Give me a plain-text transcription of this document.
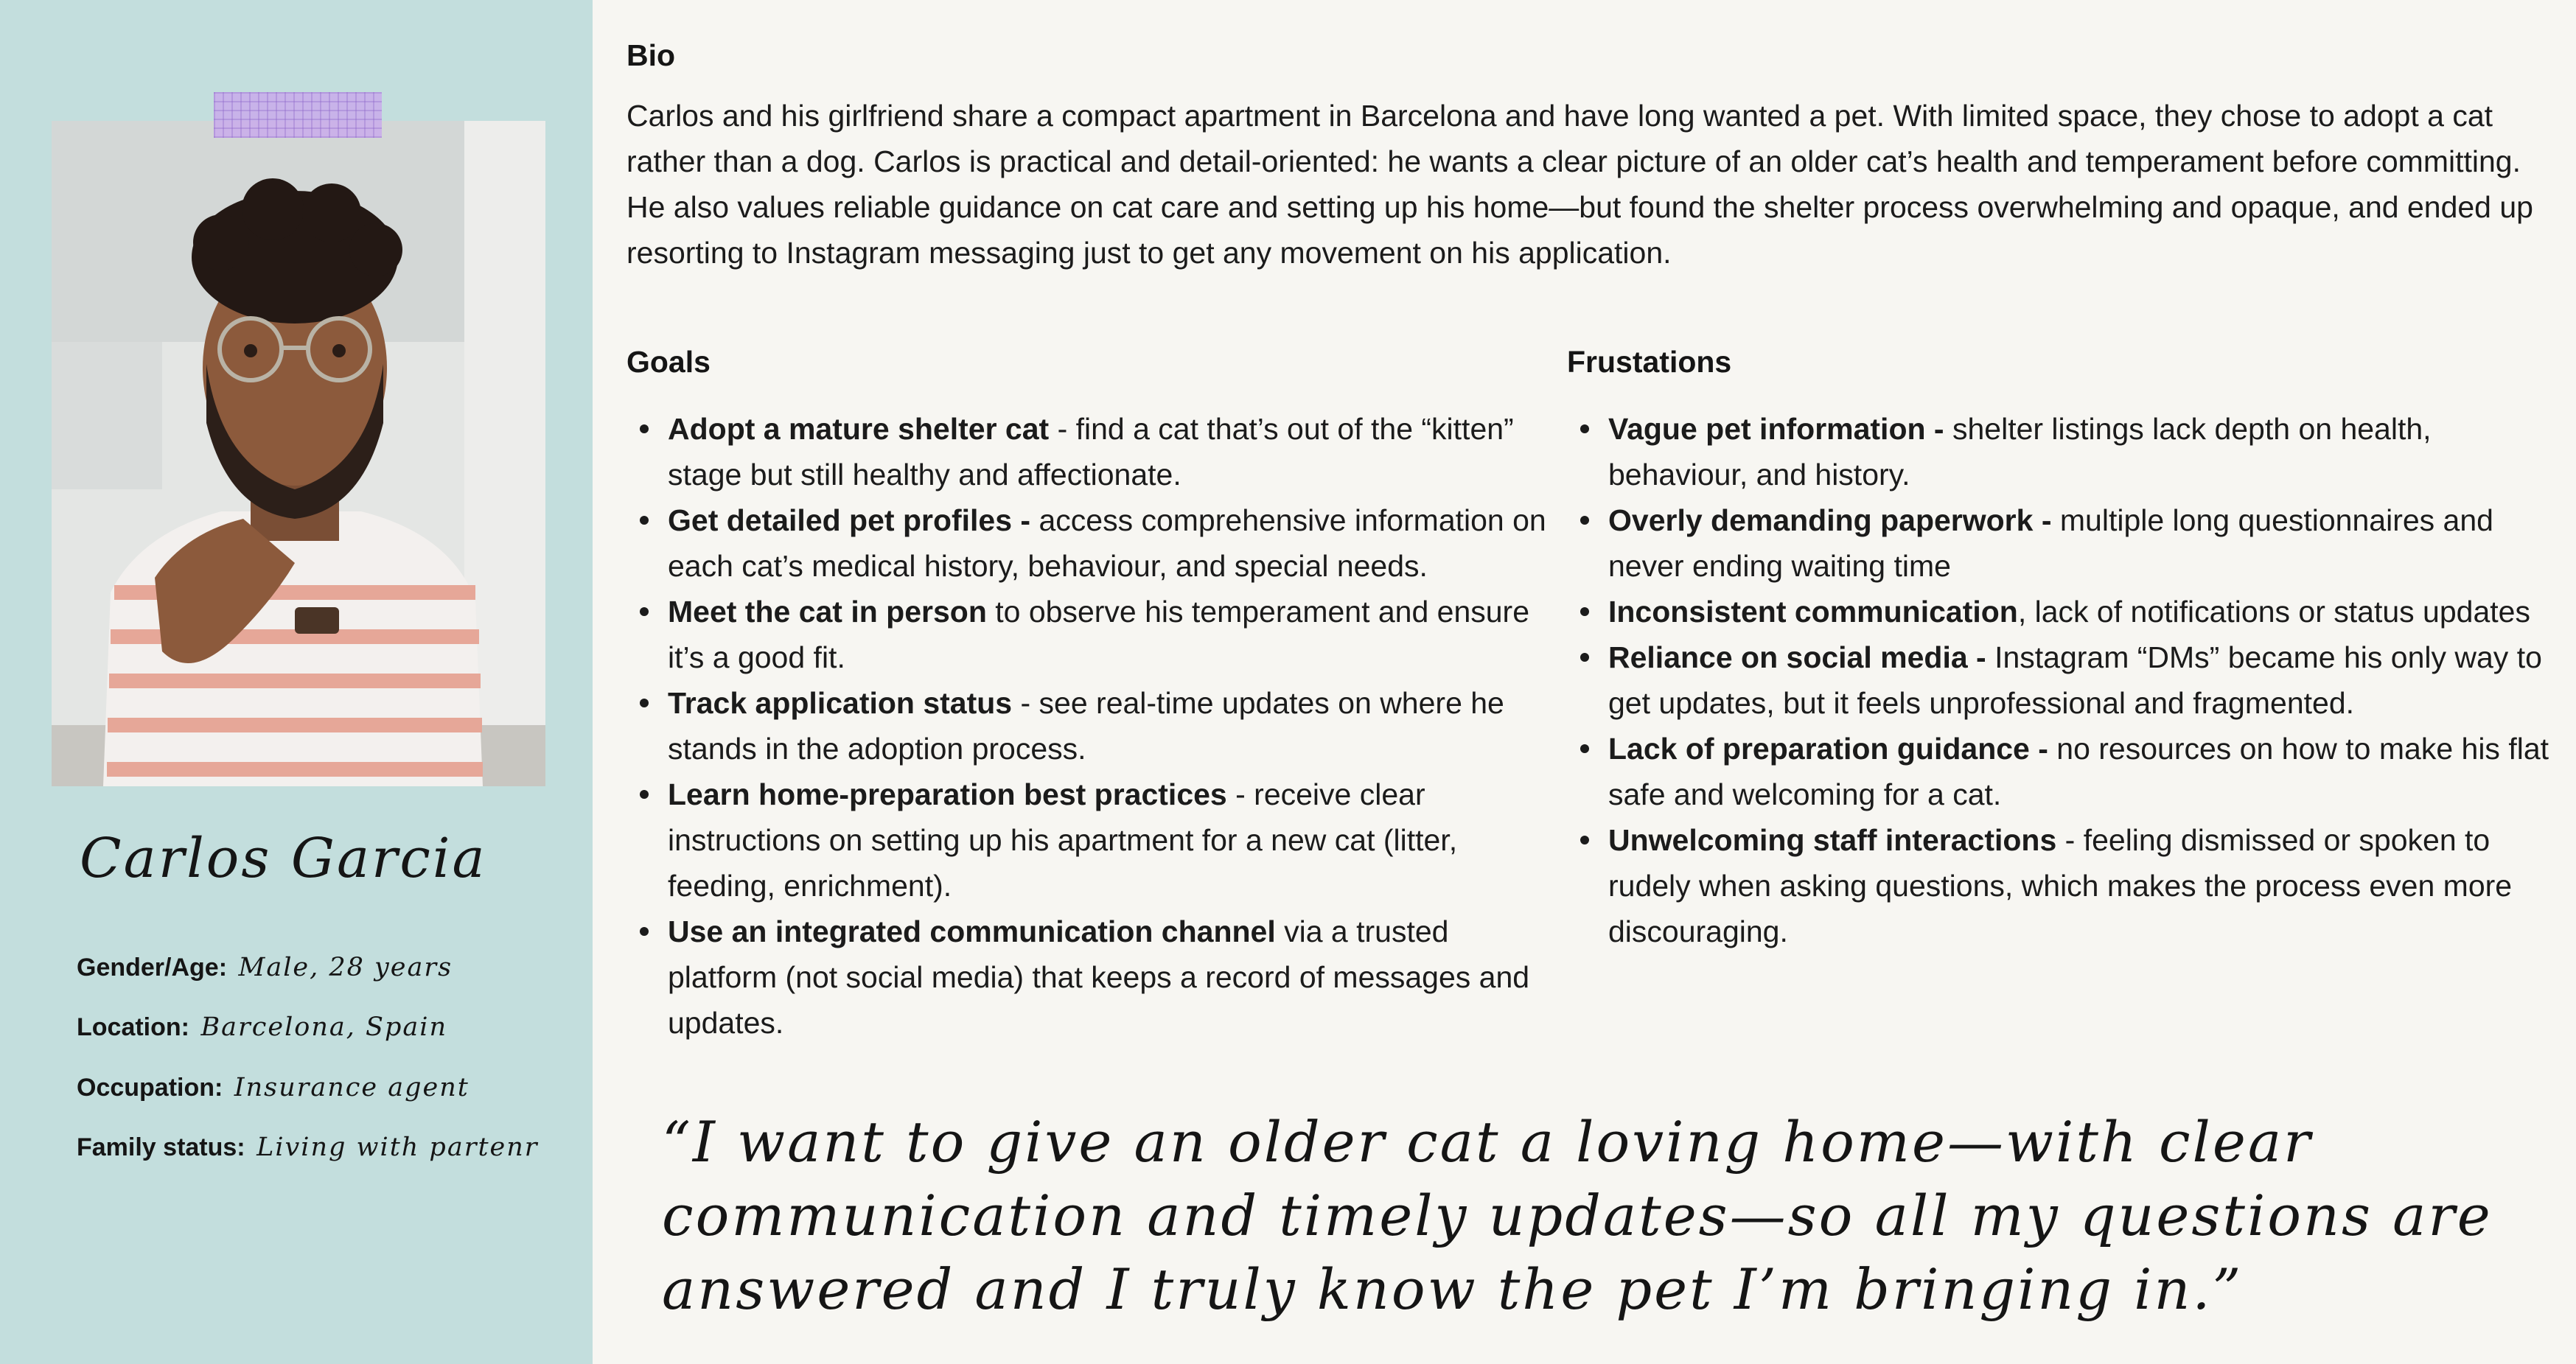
Carlos Garcia
Gender/Age: Male, 28 years
Location: Barcelona, Spain
Occupation: Insurance agent
Family status: Living with partenr
Bio

Carlos and his girlfriend share a compact apartment in Barcelona and have long wanted a pet. With limited space, they chose to adopt a cat rather than a dog. Carlos is practical and detail-oriented: he wants a clear picture of an older cat’s health and temperament before committing. He also values reliable guidance on cat care and setting up his home—but found the shelter process overwhelming and opaque, and ended up resorting to Instagram messaging just to get any movement on his application.

Goals
Adopt a mature shelter cat - find a cat that’s out of the “kitten” stage but still healthy and affectionate.
Get detailed pet profiles - access comprehensive information on each cat’s medical history, behaviour, and special needs.
Meet the cat in person to observe his temperament and ensure it’s a good fit.
Track application status - see real-time updates on where he stands in the adoption process.
Learn home-preparation best practices - receive clear instructions on setting up his apartment for a new cat (litter, feeding, enrichment).
Use an integrated communication channel via a trusted platform (not social media) that keeps a record of messages and updates.
Frustations
Vague pet information - shelter listings lack depth on health, behaviour, and history.
Overly demanding paperwork - multiple long questionnaires and never ending waiting time
Inconsistent communication, lack of notifications or status updates
Reliance on social media - Instagram “DMs” became his only way to get updates, but it feels unprofessional and fragmented.
Lack of preparation guidance - no resources on how to make his flat safe and welcoming for a cat.
Unwelcoming staff interactions - feeling dismissed or spoken to rudely when asking questions, which makes the process even more discouraging.
“I want to give an older cat a loving home—with clear communication and timely updates—so all my questions are answered and I truly know the pet I’m bringing in.”
